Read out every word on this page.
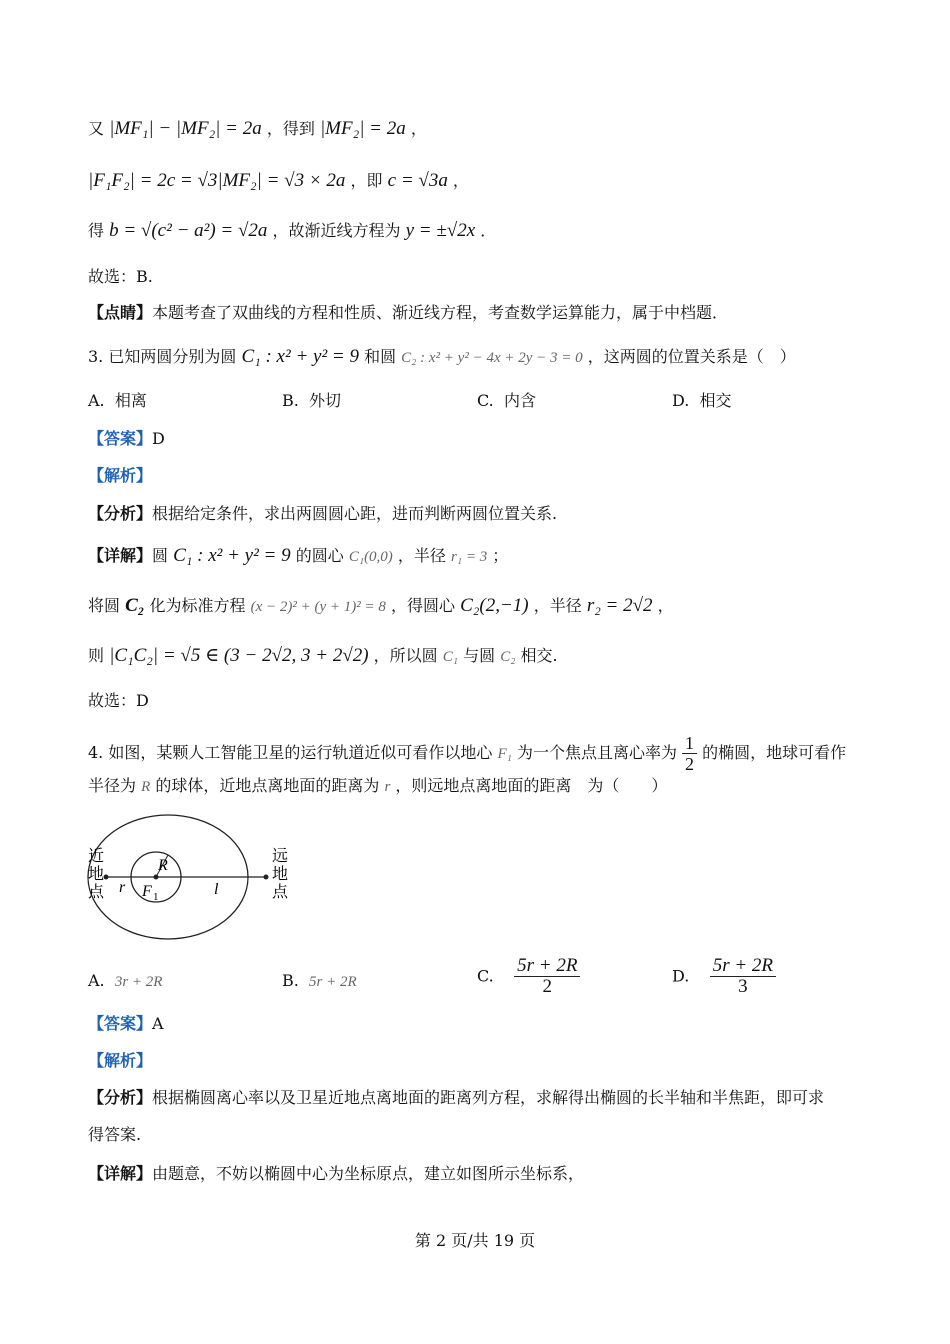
又 |MF₁| − |MF₂| = 2a ，得到 |MF₂| = 2a ，
|F₁F₂| = 2c = √3|MF₂| = √3 × 2a ，即 c = √3a ，
得 b = √(c² − a²) = √2a ，故渐近线方程为 y = ±√2x ．
故选：B.
【点睛】本题考查了双曲线的方程和性质、渐近线方程，考查数学运算能力，属于中档题．
3. 已知两圆分别为圆 C₁ : x² + y² = 9 和圆 C₂ : x² + y² − 4x + 2y − 3 = 0 ，这两圆的位置关系是（　）
A. 相离	B. 外切	C. 内含	D. 相交
【答案】D
【解析】
【分析】根据给定条件，求出两圆圆心距，进而判断两圆位置关系.
【详解】圆 C₁ : x² + y² = 9 的圆心 C₁(0,0) ，半径 r₁ = 3 ；
将圆 C₂ 化为标准方程 (x − 2)² + (y + 1)² = 8 ，得圆心 C₂(2,−1) ，半径 r₂ = 2√2 ，
则 |C₁C₂| = √5 ∈ (3 − 2√2, 3 + 2√2) ，所以圆 C₁ 与圆 C₂ 相交.
故选：D
4. 如图，某颗人工智能卫星的运行轨道近似可看作以地心 F₁ 为一个焦点且离心率为 $\frac{1}{2}$ 的椭圆，地球可看作
半径为 R 的球体，近地点离地面的距离为 r ，则远地点离地面的距离　为（　　）
近
地
点
远
地
点
R
r F 1	l
A. 3r + 2R	B. 5r + 2R	C. $\frac{5r + 2R}{2}$	D. $\frac{5r + 2R}{3}$
【答案】A
【解析】
【分析】根据椭圆离心率以及卫星近地点离地面的距离列方程，求解得出椭圆的长半轴和半焦距，即可求
得答案.
【详解】由题意，不妨以椭圆中心为坐标原点，建立如图所示坐标系，
第 2 页/共 19 页
